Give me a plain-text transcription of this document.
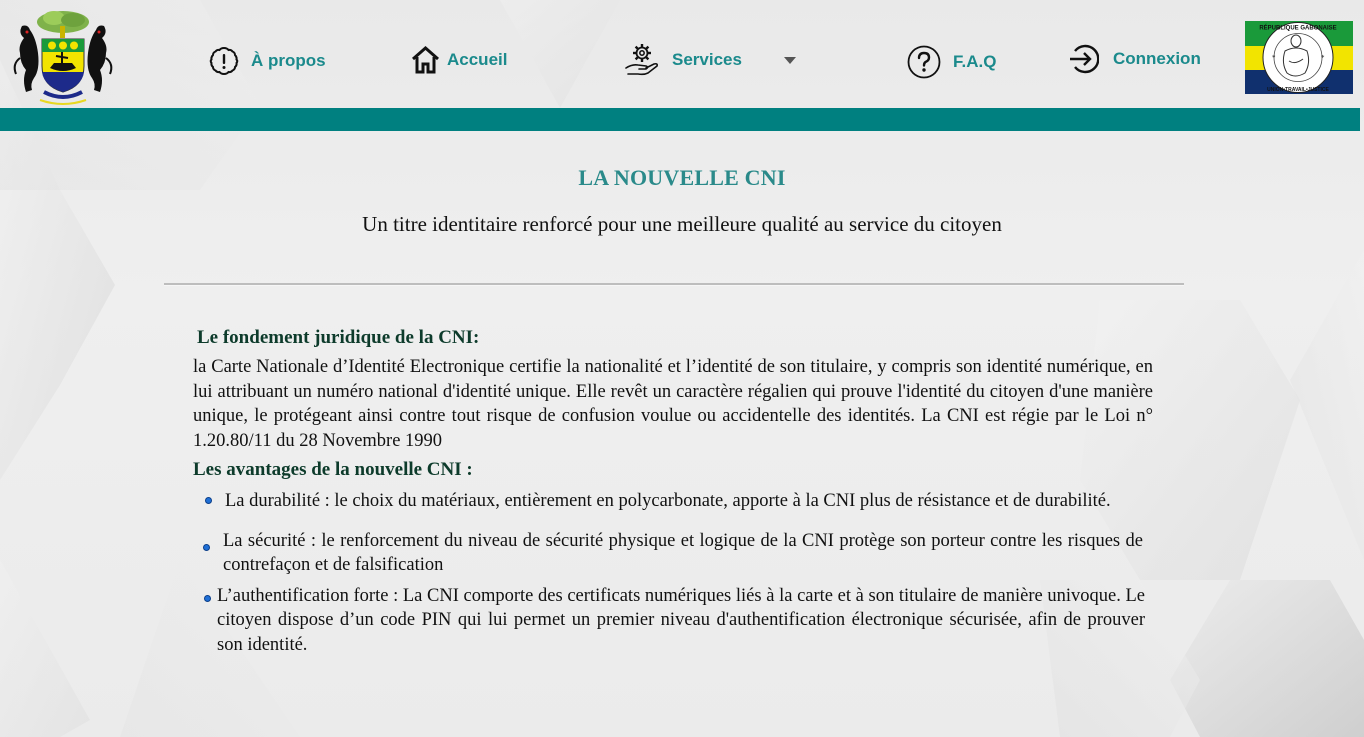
À propos	Accueil	Services	F.A.Q	Connexion
RÉPUBLIQUE GABONAISE
UNION•TRAVAIL•JUSTICE
*	*
LA NOUVELLE CNI
Un titre identitaire renforcé pour une meilleure qualité au service du citoyen
Le fondement juridique de la CNI:

la Carte Nationale d’Identité Electronique certifie la nationalité et l’identité de son titulaire, y compris son identité numérique, en lui attribuant un numéro national d'identité unique. Elle revêt un caractère régalien qui prouve l'identité du citoyen d'une manière unique, le protégeant ainsi contre tout risque de confusion voulue ou accidentelle des identités. La CNI est régie par le Loi n° 1.20.80/11 du 28 Novembre 1990

Les avantages de la nouvelle CNI :
La durabilité : le choix du matériaux, entièrement en polycarbonate, apporte à la CNI plus de résistance et de durabilité.
La sécurité : le renforcement du niveau de sécurité physique et logique de la CNI protège son porteur contre les risques de contrefaçon et de falsification
L’authentification forte : La CNI comporte des certificats numériques liés à la carte et à son titulaire de manière univoque. Le citoyen dispose d’un code PIN qui lui permet un premier niveau d'authentification électronique sécurisée, afin de prouver son identité.
